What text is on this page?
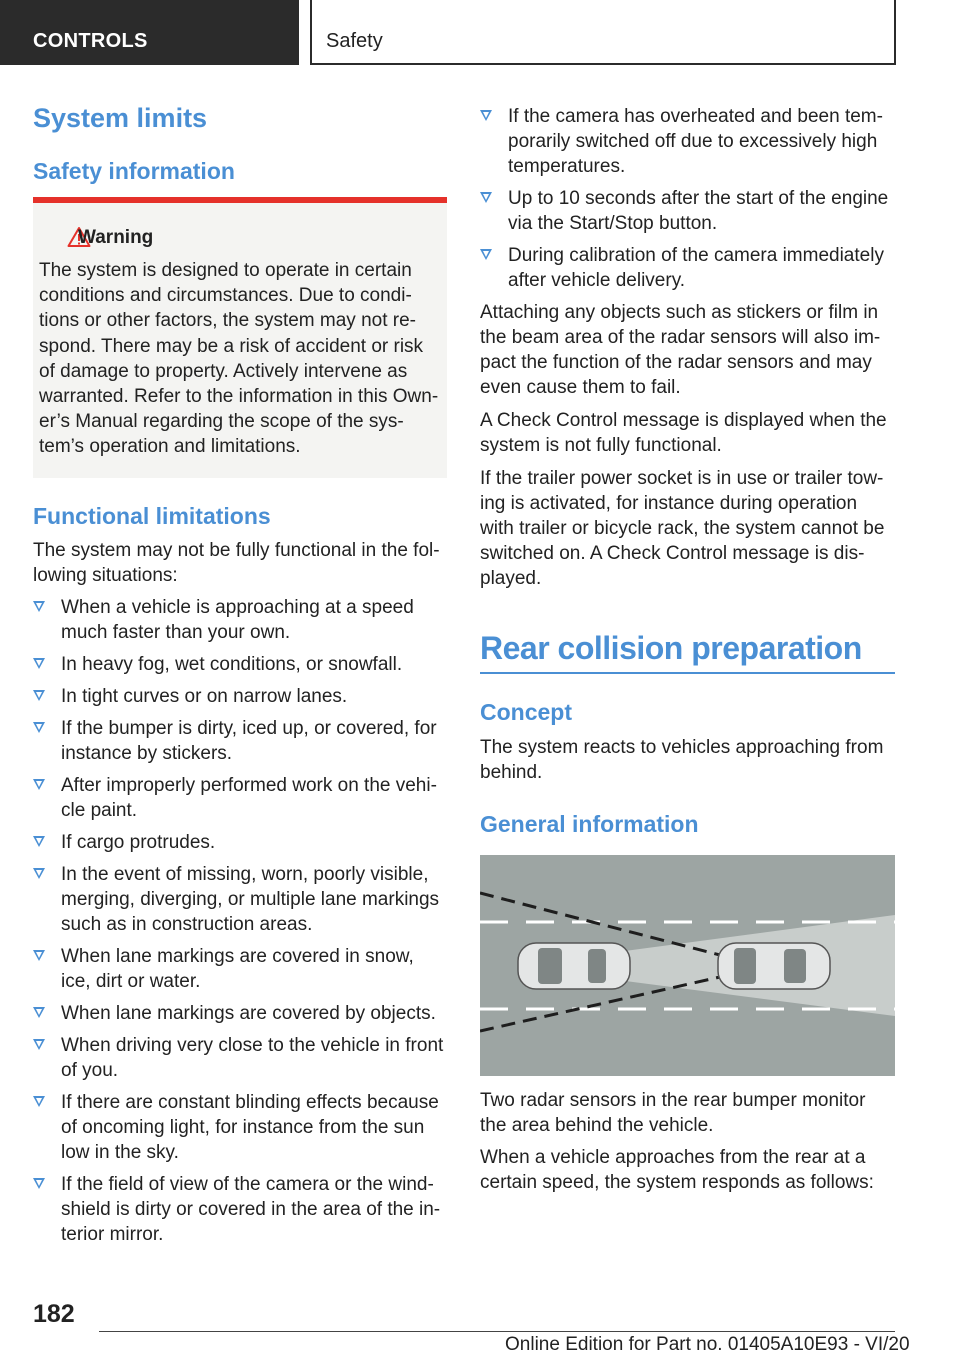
CONTROLS	Safety
System limits
Safety information
Warning
The system is designed to operate in certain conditions and circumstances. Due to condi- tions or other factors, the system may not re- spond. There may be a risk of accident or risk of damage to property. Actively intervene as warranted. Refer to the information in this Own- er’s Manual regarding the scope of the sys- tem’s operation and limitations.
Functional limitations

The system may not be fully functional in the fol- lowing situations:

When a vehicle is approaching at a speed much faster than your own.
In heavy fog, wet conditions, or snowfall.
In tight curves or on narrow lanes.
If the bumper is dirty, iced up, or covered, for instance by stickers.
After improperly performed work on the vehi- cle paint.
If cargo protrudes.
In the event of missing, worn, poorly visible, merging, diverging, or multiple lane markings such as in construction areas.
When lane markings are covered in snow, ice, dirt or water.
When lane markings are covered by objects.
When driving very close to the vehicle in front of you.
If there are constant blinding effects because of oncoming light, for instance from the sun low in the sky.
If the field of view of the camera or the wind- shield is dirty or covered in the area of the in- terior mirror.
If the camera has overheated and been tem- porarily switched off due to excessively high temperatures.
Up to 10 seconds after the start of the engine via the Start/Stop button.
During calibration of the camera immediately after vehicle delivery.

Attaching any objects such as stickers or film in the beam area of the radar sensors will also im- pact the function of the radar sensors and may even cause them to fail.

A Check Control message is displayed when the system is not fully functional.

If the trailer power socket is in use or trailer tow- ing is activated, for instance during operation with trailer or bicycle rack, the system cannot be switched on. A Check Control message is dis- played.

Rear collision preparation
Concept

The system reacts to vehicles approaching from behind.

General information

Two radar sensors in the rear bumper monitor the area behind the vehicle.

When a vehicle approaches from the rear at a certain speed, the system responds as follows:

182
Online Edition for Part no. 01405A10E93 - VI/20
